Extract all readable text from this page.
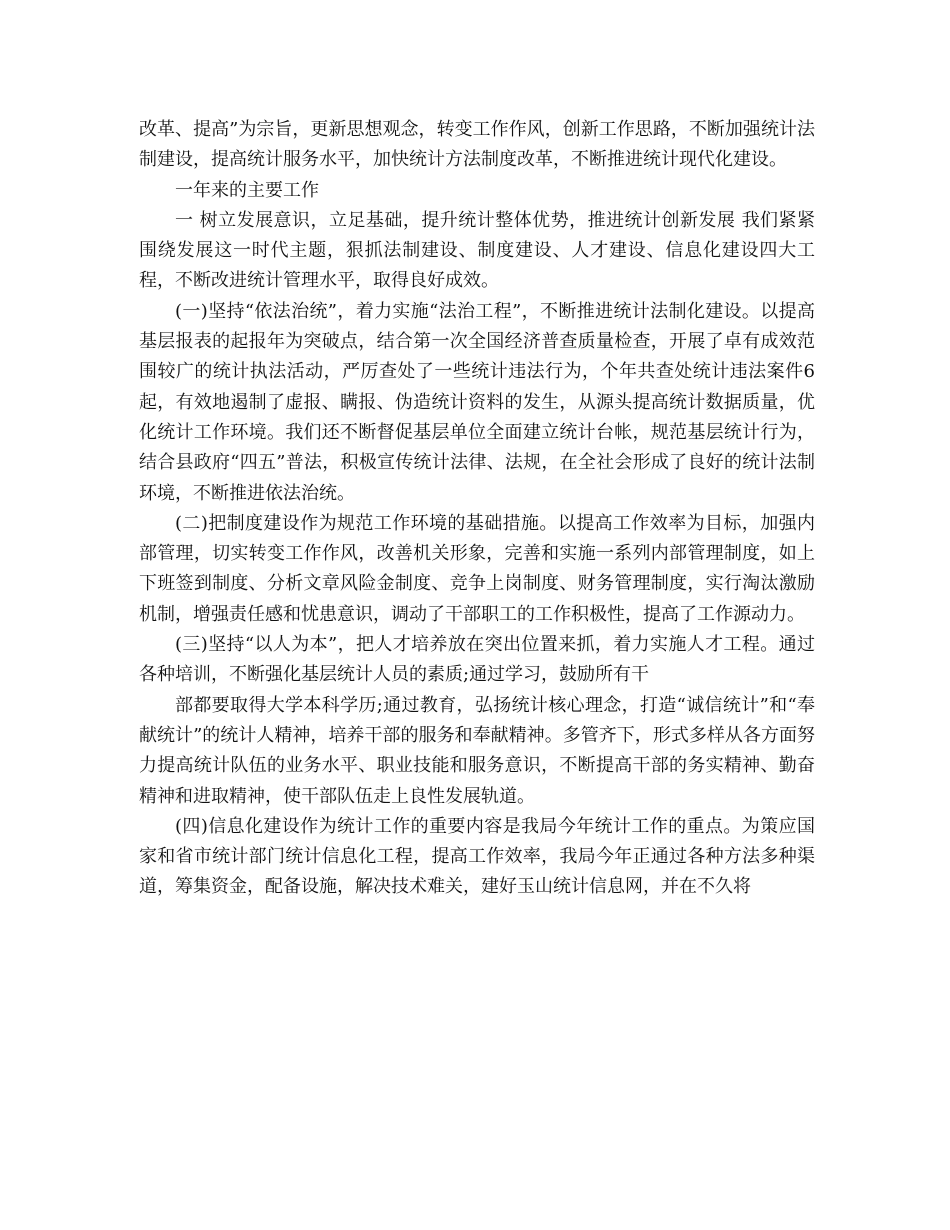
改革、提高”为宗旨，更新思想观念，转变工作作风，创新工作思路，不断加强统计法制建设，提高统计服务水平，加快统计方法制度改革，不断推进统计现代化建设。

一年来的主要工作

一 树立发展意识，立足基础，提升统计整体优势，推进统计创新发展 我们紧紧围绕发展这一时代主题，狠抓法制建设、制度建设、人才建设、信息化建设四大工程，不断改进统计管理水平，取得良好成效。

(一)坚持“依法治统”，着力实施“法治工程”，不断推进统计法制化建设。以提高基层报表的起报年为突破点，结合第一次全国经济普查质量检查，开展了卓有成效范围较广的统计执法活动，严厉查处了一些统计违法行为，个年共查处统计违法案件6起，有效地遏制了虚报、瞒报、伪造统计资料的发生，从源头提高统计数据质量，优化统计工作环境。我们还不断督促基层单位全面建立统计台帐，规范基层统计行为，结合县政府“四五”普法，积极宣传统计法律、法规，在全社会形成了良好的统计法制环境，不断推进依法治统。

(二)把制度建设作为规范工作环境的基础措施。以提高工作效率为目标，加强内部管理，切实转变工作作风，改善机关形象，完善和实施一系列内部管理制度，如上下班签到制度、分析文章风险金制度、竞争上岗制度、财务管理制度，实行淘汰激励机制，增强责任感和忧患意识，调动了干部职工的工作积极性，提高了工作源动力。

(三)坚持“以人为本”，把人才培养放在突出位置来抓，着力实施人才工程。通过各种培训，不断强化基层统计人员的素质;通过学习，鼓励所有干

部都要取得大学本科学历;通过教育，弘扬统计核心理念，打造“诚信统计”和“奉献统计”的统计人精神，培养干部的服务和奉献精神。多管齐下，形式多样从各方面努力提高统计队伍的业务水平、职业技能和服务意识，不断提高干部的务实精神、勤奋精神和进取精神，使干部队伍走上良性发展轨道。

(四)信息化建设作为统计工作的重要内容是我局今年统计工作的重点。为策应国家和省市统计部门统计信息化工程，提高工作效率，我局今年正通过各种方法多种渠道，筹集资金，配备设施，解决技术难关，建好玉山统计信息网，并在不久将
